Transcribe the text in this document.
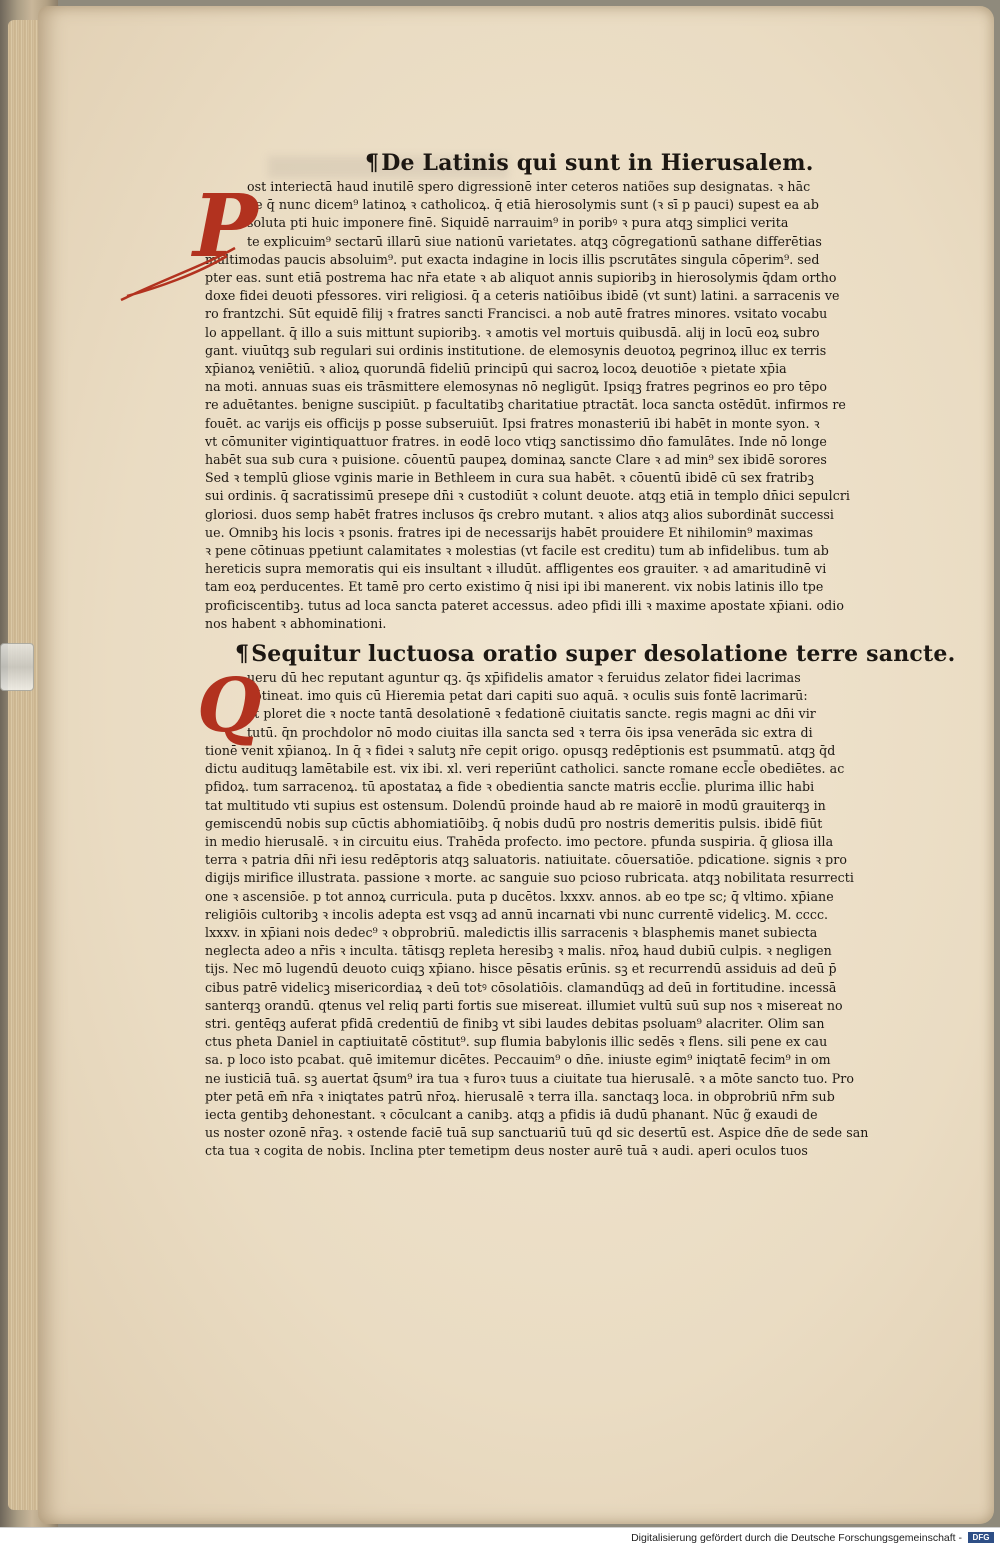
¶De Latinis qui sunt in Hierusalem.
P
ost interiectā haud inutilē spero digressionē inter ceteros natiões sup designatas. ꝛ hāc
de q̄ nunc dicem⁹ latinoꝝ ꝛ catholicoꝝ. q̄ etiā hierosolymis sunt (ꝛ sī p pauci) supest ea ab
soluta pti huic imponere finē. Siquidē narrauim⁹ in poribꝰ ꝛ pura atqꝫ simplici verita
te explicuim⁹ sectarū illarū siue nationū varietates. atqꝫ cōgregationū sathane differētias
multimodas paucis absoluim⁹. put exacta indagine in locis illis pscrutātes singula cōperim⁹. sed
pter eas. sunt etiā postrema hac nr̄a etate ꝛ ab aliquot annis supioribꝫ in hierosolymis q̄dam ortho
doxe fidei deuoti pfessores. viri religiosi. q̄ a ceteris natiōibus ibidē (vt sunt) latini. a sarracenis ve
ro frantzchi. Sūt equidē filij ꝛ fratres sancti Francisci. a nob autē fratres minores. vsitato vocabu
lo appellant. q̄ illo a suis mittunt supioribꝫ. ꝛ amotis vel mortuis quibusdā. alij in locū eoꝝ subro
gant. viuūtqꝫ sub regulari sui ordinis institutione. de elemosynis deuotoꝝ pegrinoꝝ illuc ex terris
xp̄ianoꝝ veniētiū. ꝛ alioꝝ quorundā fideliū principū qui sacroꝝ locoꝝ deuotiōe ꝛ pietate xp̄ia
na moti. annuas suas eis trāsmittere elemosynas nō negligūt. Ipsiqꝫ fratres pegrinos eo pro tēpo
re aduētantes. benigne suscipiūt. p facultatibꝫ charitatiue ptractāt. loca sancta ostēdūt. infirmos re
fouēt. ac varijs eis officijs p posse subseruiūt. Ipsi fratres monasteriū ibi habēt in monte syon. ꝛ
vt cōmuniter vigintiquattuor fratres. in eodē loco vtiqꝫ sanctissimo dn̄o famulātes. Inde nō longe
habēt sua sub cura ꝛ puisione. cōuentū paupeꝝ dominaꝝ sancte Clare ꝛ ad min⁹ sex ibidē sorores
Sed ꝛ templū gliose vginis marie in Bethleem in cura sua habēt. ꝛ cōuentū ibidē cū sex fratribꝫ
sui ordinis. q̄ sacratissimū presepe dn̄i ꝛ custodiūt ꝛ colunt deuote. atqꝫ etiā in templo dn̄ici sepulcri
gloriosi. duos semp habēt fratres inclusos q̄s crebro mutant. ꝛ alios atqꝫ alios subordināt successi
ue. Omnibꝫ his locis ꝛ psonis. fratres ipi de necessarijs habēt prouidere Et nihilomin⁹ maximas
ꝛ pene cōtinuas ppetiunt calamitates ꝛ molestias (vt facile est creditu) tum ab infidelibus. tum ab
hereticis supra memoratis qui eis insultant ꝛ illudūt. affligentes eos grauiter. ꝛ ad amaritudinē vi
tam eoꝝ perducentes. Et tamē pro certo existimo q̄ nisi ipi ibi manerent. vix nobis latinis illo tpe
proficiscentibꝫ. tutus ad loca sancta pateret accessus. adeo pfidi illi ꝛ maxime apostate xp̄iani. odio
nos habent ꝛ abhominationi.
¶Sequitur luctuosa oratio super desolatione terre sancte.
Q
ueru dū hec reputant aguntur qꝫ. q̄s xp̄ifidelis amator ꝛ feruidus zelator fidei lacrimas
cōtineat. imo quis cū Hieremia petat dari capiti suo aquā. ꝛ oculis suis fontē lacrimarū:
vt ploret die ꝛ nocte tantā desolationē ꝛ fedationē ciuitatis sancte. regis magni ac dn̄i vir
tutū. q̄n prochdolor nō modo ciuitas illa sancta sed ꝛ terra ōis ipsa venerāda sic extra di
tionē venit xp̄ianoꝝ. In q̄ ꝛ fidei ꝛ salutꝫ nr̄e cepit origo. opusqꝫ redēptionis est psummatū. atqꝫ q̄d
dictu audituqꝫ lamētabile est. vix ibi. xl. veri reperiūnt catholici. sancte romane eccl̄e obediētes. ac
pfidoꝝ. tum sarracenoꝝ. tū apostataꝝ a fide ꝛ obedientia sancte matris eccl̄ie. plurima illic habi
tat multitudo vti supius est ostensum. Dolendū proinde haud ab re maiorē in modū grauiterqꝫ in
gemiscendū nobis sup cūctis abhomiatiōibꝫ. q̄ nobis dudū pro nostris demeritis pulsis. ibidē fiūt
in medio hierusalē. ꝛ in circuitu eius. Trahēda profecto. imo pectore. pfunda suspiria. q̄ gliosa illa
terra ꝛ patria dn̄i nr̄i iesu redēptoris atqꝫ saluatoris. natiuitate. cōuersatiōe. pdicatione. signis ꝛ pro
digijs mirifice illustrata. passione ꝛ morte. ac sanguie suo pcioso rubricata. atqꝫ nobilitata resurrecti
one ꝛ ascensiōe. p tot annoꝝ curricula. puta p ducētos. lxxxv. annos. ab eo tpe sc; q̄ vltimo. xp̄iane
religiōis cultoribꝫ ꝛ incolis adepta est vsqꝫ ad annū incarnati vbi nunc currentē videlicꝫ. M. cccc.
lxxxv. in xp̄iani nois dedec⁹ ꝛ obprobriū. maledictis illis sarracenis ꝛ blasphemis manet subiecta
neglecta adeo a nr̄is ꝛ inculta. tātisqꝫ repleta heresibꝫ ꝛ malis. nr̄oꝝ haud dubiū culpis. ꝛ negligen
tijs. Nec mō lugendū deuoto cuiqꝫ xp̄iano. hisce pēsatis erūnis. sꝫ et recurrendū assiduis ad deū p̄
cibus patrē videlicꝫ misericordiaꝝ ꝛ deū totꝰ cōsolatiōis. clamandūqꝫ ad deū in fortitudine. incessā
santerqꝫ orandū. qtenus vel reliq parti fortis sue misereat. illumiet vultū suū sup nos ꝛ misereat no
stri. gentēqꝫ auferat pfidā credentiū de finibꝫ vt sibi laudes debitas psoluam⁹ alacriter. Olim san
ctus pheta Daniel in captiuitatē cōstitut⁹. sup flumia babylonis illic sedēs ꝛ flens. sili pene ex cau
sa. p loco isto pcabat. quē imitemur dicētes. Peccauim⁹ o dn̄e. iniuste egim⁹ iniqtatē fecim⁹ in om
ne iusticiā tuā. sꝫ auertat q̄sum⁹ ira tua ꝛ furoꝛ tuus a ciuitate tua hierusalē. ꝛ a mōte sancto tuo. Pro
pter petā em̄ nr̄a ꝛ iniqtates patrū nr̄oꝝ. hierusalē ꝛ terra illa. sanctaqꝫ loca. in obprobriū nr̄m sub
iecta gentibꝫ dehonestant. ꝛ cōculcant a canibꝫ. atqꝫ a pfidis iā dudū phanant. Nūc g̃ exaudi de
us noster ozonē nr̄aꝫ. ꝛ ostende faciē tuā sup sanctuariū tuū qd sic desertū est. Aspice dn̄e de sede san
cta tua ꝛ cogita de nobis. Inclina pter temetipm deus noster aurē tuā ꝛ audi. aperi oculos tuos
Digitalisierung gefördert durch die Deutsche Forschungsgemeinschaft -	DFG
